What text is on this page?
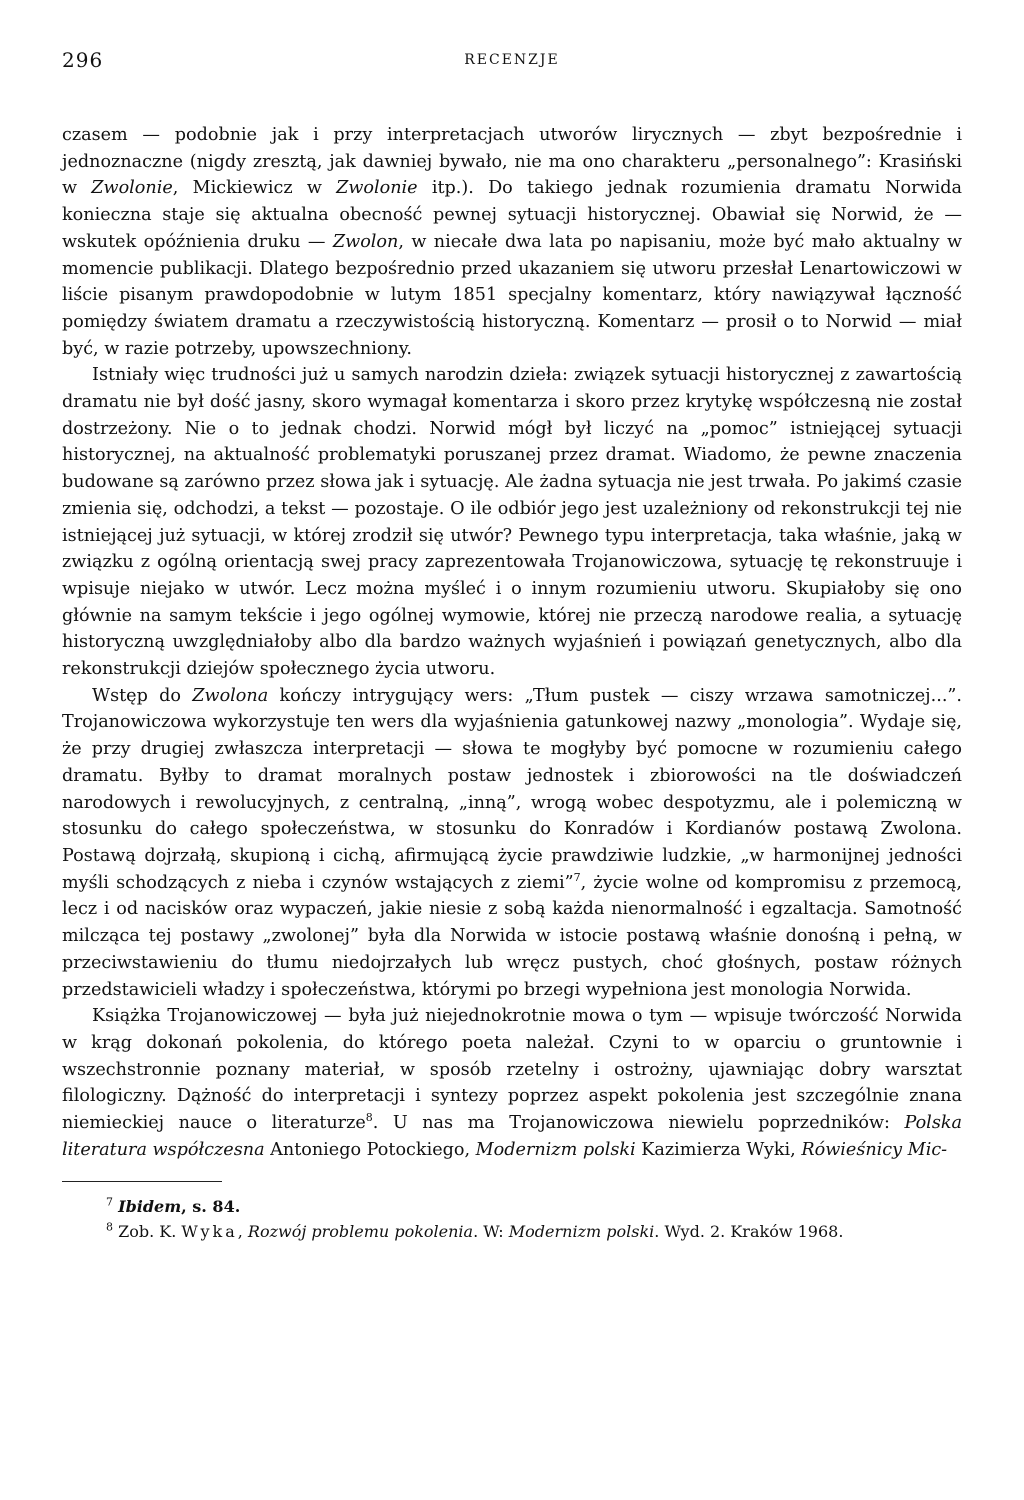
296	RECENZJE

czasem — podobnie jak i przy interpretacjach utworów lirycznych — zbyt bezpośrednie i jednoznaczne (nigdy zresztą, jak dawniej bywało, nie ma ono charakteru „personalnego”: Krasiński w Zwolonie, Mickiewicz w Zwolonie itp.). Do takiego jednak rozumienia dramatu Norwida konieczna staje się aktualna obecność pewnej sytuacji historycznej. Obawiał się Norwid, że — wskutek opóźnienia druku — Zwolon, w niecałe dwa lata po napisaniu, może być mało aktualny w momencie publikacji. Dlatego bezpośrednio przed ukazaniem się utworu przesłał Lenartowiczowi w liście pisanym prawdopodobnie w lutym 1851 specjalny komentarz, który nawiązywał łączność pomiędzy światem dramatu a rzeczywistością historyczną. Komentarz — prosił o to Norwid — miał być, w razie potrzeby, upowszechniony.

Istniały więc trudności już u samych narodzin dzieła: związek sytuacji historycznej z zawartością dramatu nie był dość jasny, skoro wymagał komentarza i skoro przez krytykę współczesną nie został dostrzeżony. Nie o to jednak chodzi. Norwid mógł był liczyć na „pomoc” istniejącej sytuacji historycznej, na aktualność problematyki poruszanej przez dramat. Wiadomo, że pewne znaczenia budowane są zarówno przez słowa jak i sytuację. Ale żadna sytuacja nie jest trwała. Po jakimś czasie zmienia się, odchodzi, a tekst — pozostaje. O ile odbiór jego jest uzależniony od rekonstrukcji tej nie istniejącej już sytuacji, w której zrodził się utwór? Pewnego typu interpretacja, taka właśnie, jaką w związku z ogólną orientacją swej pracy zaprezentowała Trojanowiczowa, sytuację tę rekonstruuje i wpisuje niejako w utwór. Lecz można myśleć i o innym rozumieniu utworu. Skupiałoby się ono głównie na samym tekście i jego ogólnej wymowie, której nie przeczą narodowe realia, a sytuację historyczną uwzględniałoby albo dla bardzo ważnych wyjaśnień i powiązań genetycznych, albo dla rekonstrukcji dziejów społecznego życia utworu.

Wstęp do Zwolona kończy intrygujący wers: „Tłum pustek — ciszy wrzawa samotniczej...”. Trojanowiczowa wykorzystuje ten wers dla wyjaśnienia gatunkowej nazwy „monologia”. Wydaje się, że przy drugiej zwłaszcza interpretacji — słowa te mogłyby być pomocne w rozumieniu całego dramatu. Byłby to dramat moralnych postaw jednostek i zbiorowości na tle doświadczeń narodowych i rewolucyjnych, z centralną, „inną”, wrogą wobec despotyzmu, ale i polemiczną w stosunku do całego społeczeństwa, w stosunku do Konradów i Kordianów postawą Zwolona. Postawą dojrzałą, skupioną i cichą, afirmującą życie prawdziwie ludzkie, „w harmonijnej jedności myśli schodzących z nieba i czynów wstających z ziemi”$^7$, życie wolne od kompromisu z przemocą, lecz i od nacisków oraz wypaczeń, jakie niesie z sobą każda nienormalność i egzaltacja. Samotność milcząca tej postawy „zwolonej” była dla Norwida w istocie postawą właśnie donośną i pełną, w przeciwstawieniu do tłumu niedojrzałych lub wręcz pustych, choć głośnych, postaw różnych przedstawicieli władzy i społeczeństwa, którymi po brzegi wypełniona jest monologia Norwida.

Książka Trojanowiczowej — była już niejednokrotnie mowa o tym — wpisuje twórczość Norwida w krąg dokonań pokolenia, do którego poeta należał. Czyni to w oparciu o gruntownie i wszechstronnie poznany materiał, w sposób rzetelny i ostrożny, ujawniając dobry warsztat filologiczny. Dążność do interpretacji i syntezy poprzez aspekt pokolenia jest szczególnie znana niemieckiej nauce o literaturze$^8$. U nas ma Trojanowiczowa niewielu poprzedników: Polska literatura współczesna Antoniego Potockiego, Modernizm polski Kazimierza Wyki, Rówieśnicy Mic-

$^7$ Ibidem, s. 84.

$^8$ Zob. K. Wyka, Rozwój problemu pokolenia. W: Modernizm polski. Wyd. 2. Kraków 1968.
